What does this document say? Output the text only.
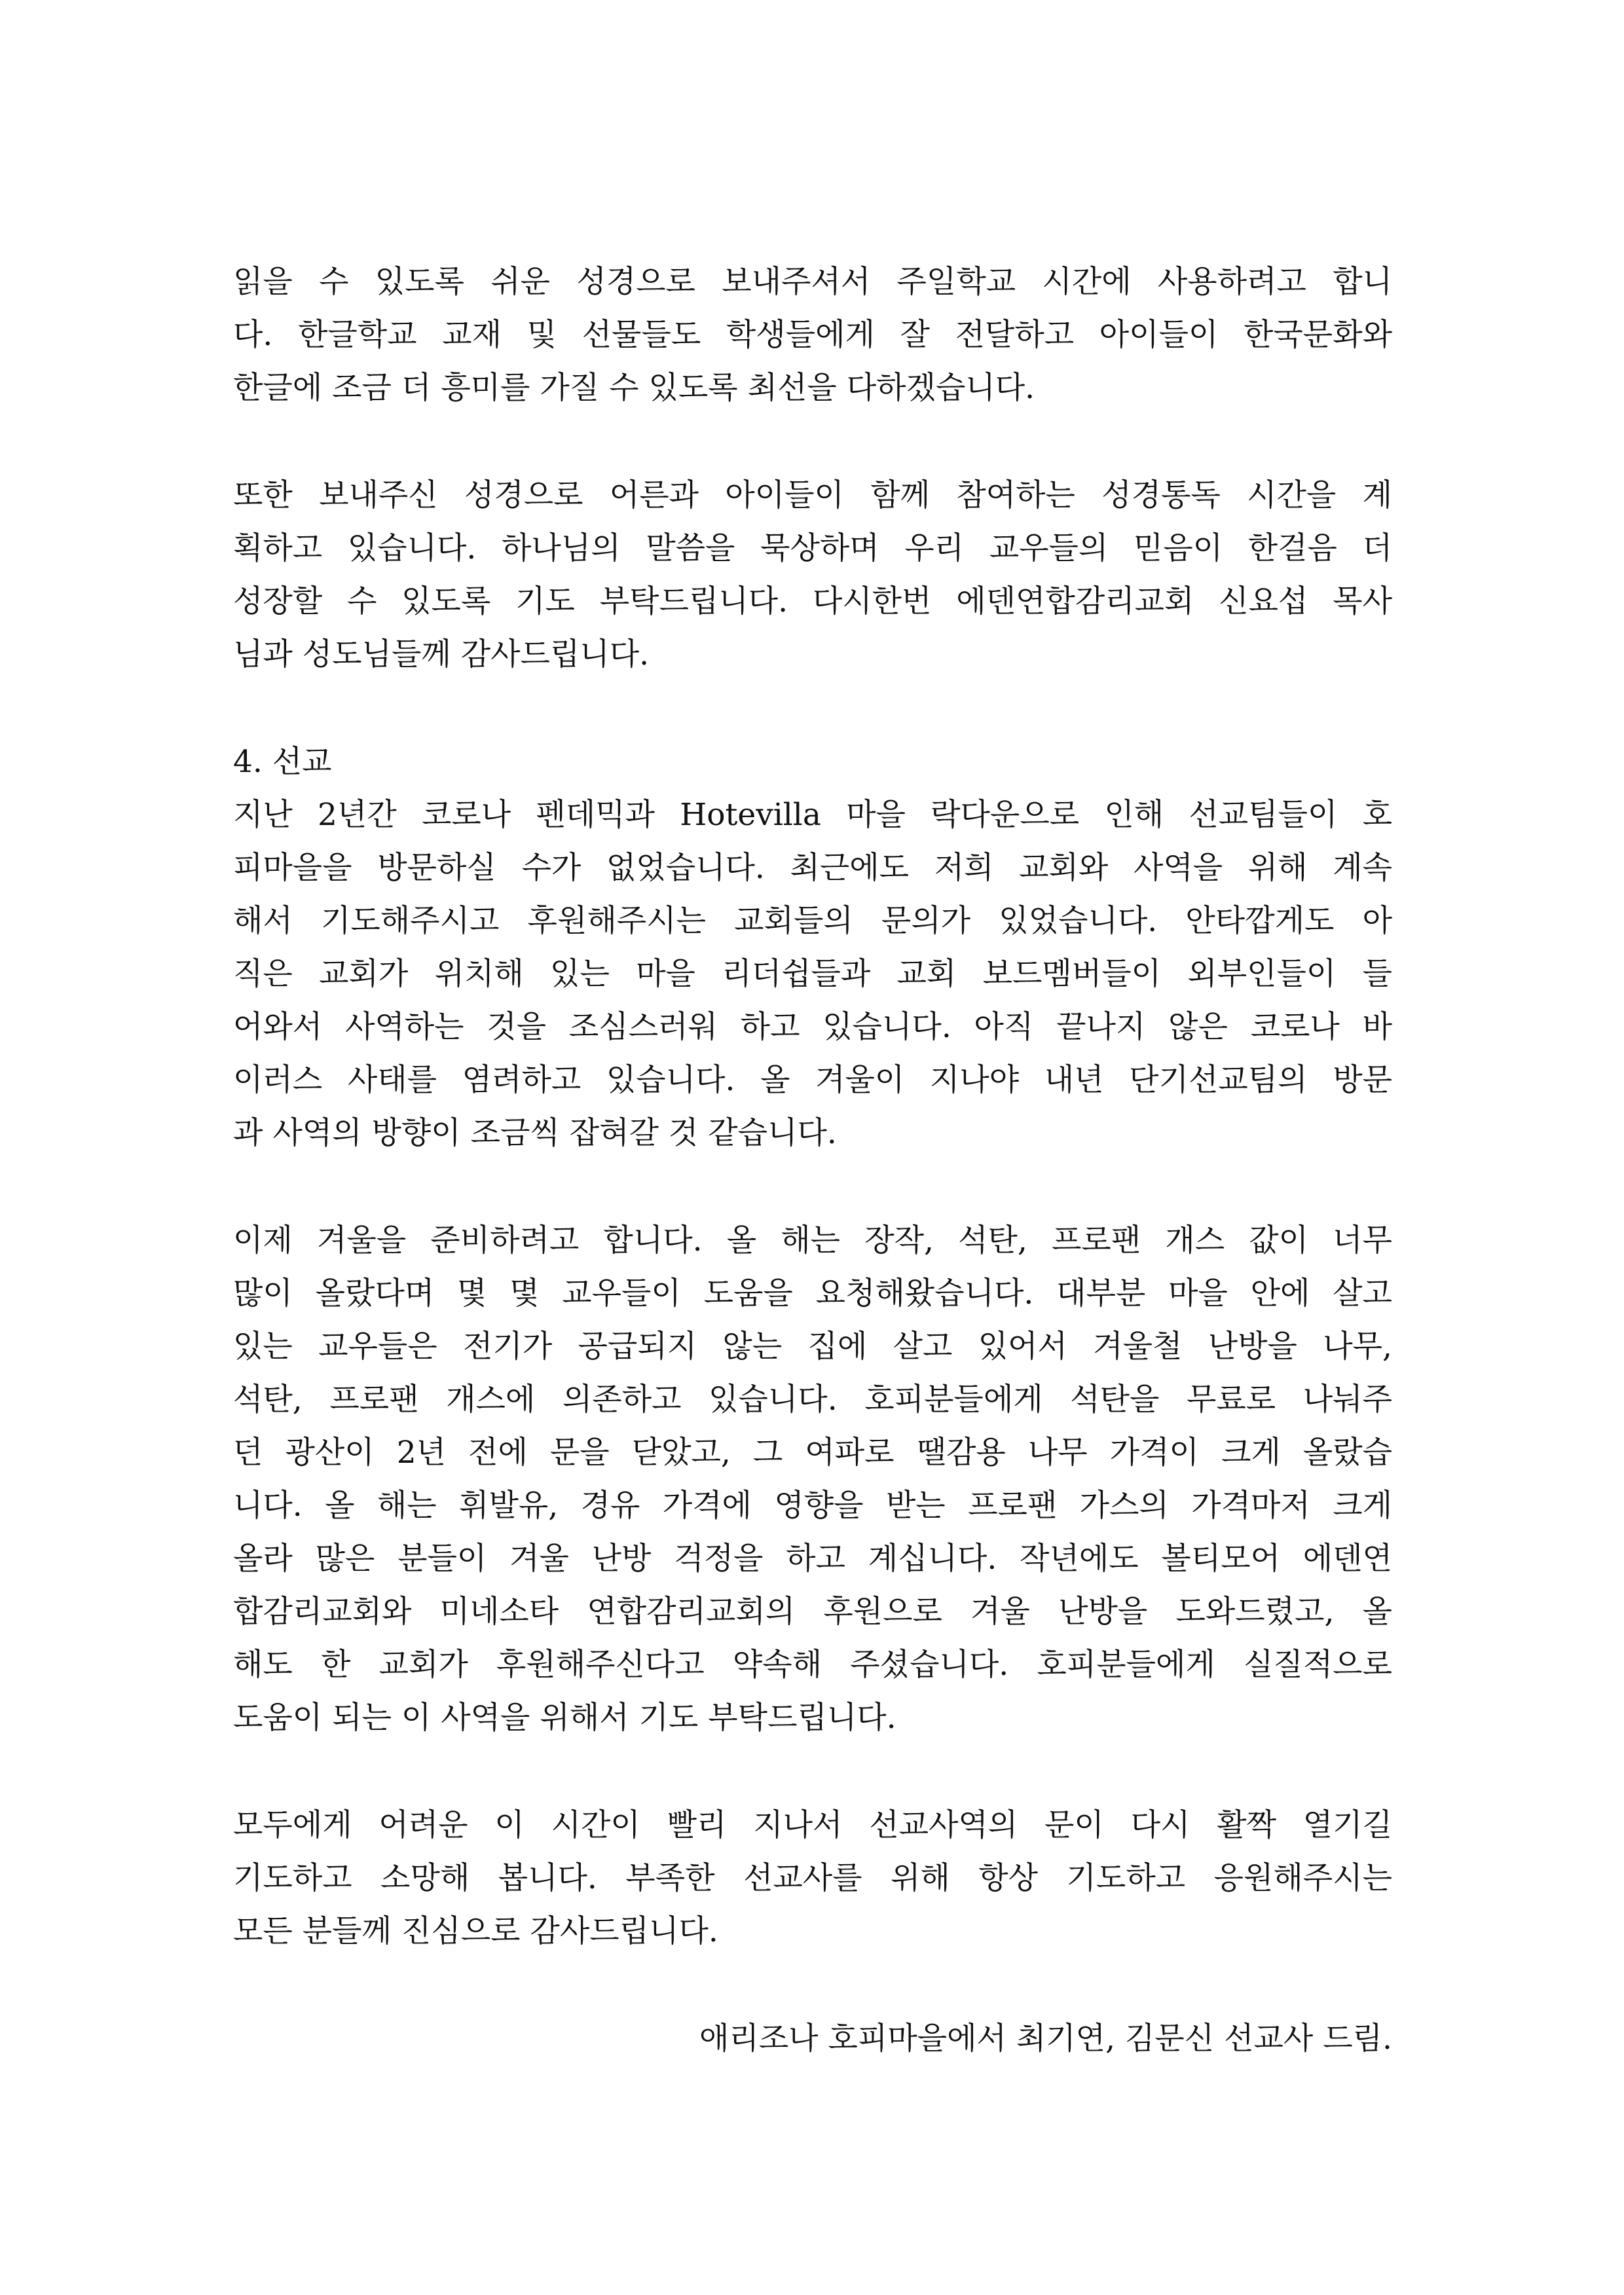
읽을 수 있도록 쉬운 성경으로 보내주셔서 주일학교 시간에 사용하려고 합니
다. 한글학교 교재 및 선물들도 학생들에게 잘 전달하고 아이들이 한국문화와
한글에 조금 더 흥미를 가질 수 있도록 최선을 다하겠습니다.

또한 보내주신 성경으로 어른과 아이들이 함께 참여하는 성경통독 시간을 계
획하고 있습니다. 하나님의 말씀을 묵상하며 우리 교우들의 믿음이 한걸음 더
성장할 수 있도록 기도 부탁드립니다. 다시한번 에덴연합감리교회 신요섭 목사
님과 성도님들께 감사드립니다.

4. 선교
지난 2년간 코로나 펜데믹과 Hotevilla 마을 락다운으로 인해 선교팀들이 호
피마을을 방문하실 수가 없었습니다. 최근에도 저희 교회와 사역을 위해 계속
해서 기도해주시고 후원해주시는 교회들의 문의가 있었습니다. 안타깝게도 아
직은 교회가 위치해 있는 마을 리더쉽들과 교회 보드멤버들이 외부인들이 들
어와서 사역하는 것을 조심스러워 하고 있습니다. 아직 끝나지 않은 코로나 바
이러스 사태를 염려하고 있습니다. 올 겨울이 지나야 내년 단기선교팀의 방문
과 사역의 방향이 조금씩 잡혀갈 것 같습니다.

이제 겨울을 준비하려고 합니다. 올 해는 장작, 석탄, 프로팬 개스 값이 너무
많이 올랐다며 몇 몇 교우들이 도움을 요청해왔습니다. 대부분 마을 안에 살고
있는 교우들은 전기가 공급되지 않는 집에 살고 있어서 겨울철 난방을 나무,
석탄, 프로팬 개스에 의존하고 있습니다. 호피분들에게 석탄을 무료로 나눠주
던 광산이 2년 전에 문을 닫았고, 그 여파로 땔감용 나무 가격이 크게 올랐습
니다. 올 해는 휘발유, 경유 가격에 영향을 받는 프로팬 가스의 가격마저 크게
올라 많은 분들이 겨울 난방 걱정을 하고 계십니다. 작년에도 볼티모어 에덴연
합감리교회와 미네소타 연합감리교회의 후원으로 겨울 난방을 도와드렸고, 올
해도 한 교회가 후원해주신다고 약속해 주셨습니다. 호피분들에게 실질적으로
도움이 되는 이 사역을 위해서 기도 부탁드립니다.

모두에게 어려운 이 시간이 빨리 지나서 선교사역의 문이 다시 활짝 열기길
기도하고 소망해 봅니다. 부족한 선교사를 위해 항상 기도하고 응원해주시는
모든 분들께 진심으로 감사드립니다.

애리조나 호피마을에서 최기연, 김문신 선교사 드림.
